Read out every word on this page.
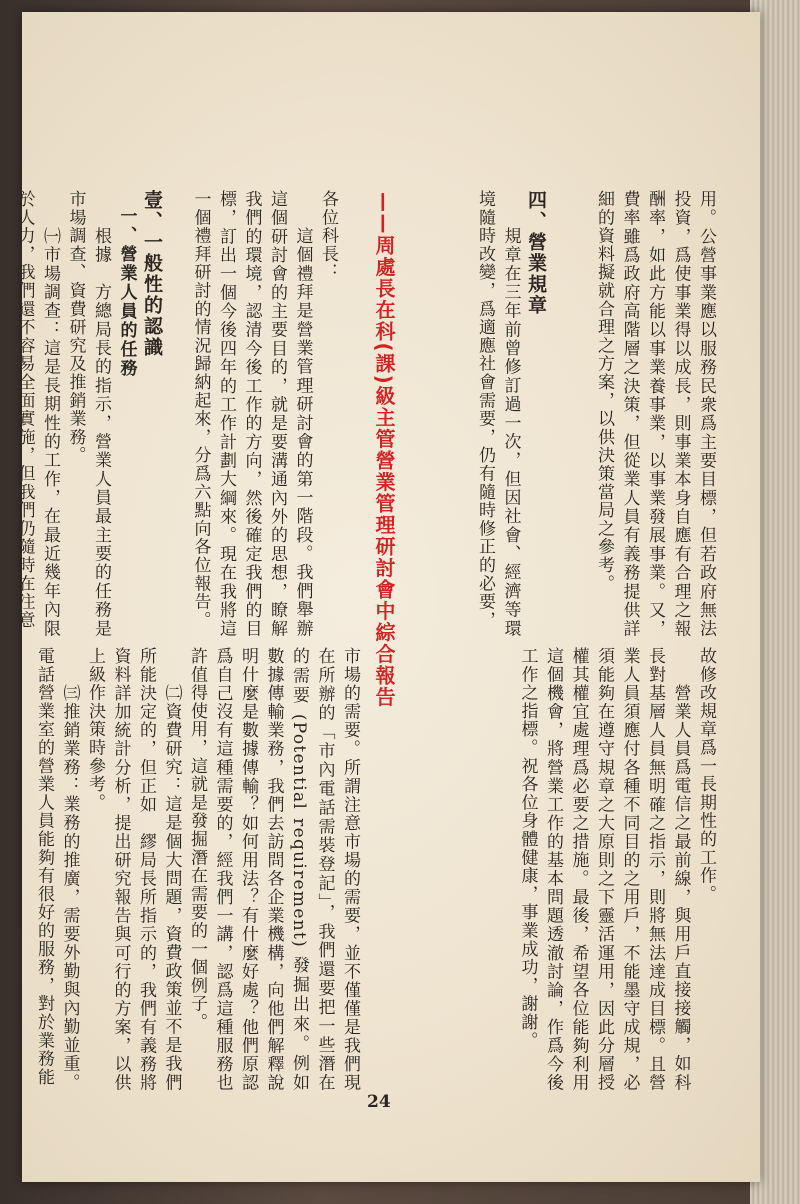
用。公營事業應以服務民衆爲主要目標，但若政府無法投資，爲使事業得以成長，則事業本身自應有合理之報酬率，如此方能以事業養事業，以事業發展事業。又，費率雖爲政府高階層之決策，但從業人員有義務提供詳細的資料擬就合理之方案，以供決策當局之參考。

四、營業規章

規章在三年前曾修訂過一次，但因社會、經濟等環境隨時改變，爲適應社會需要，仍有隨時修正的必要，

——周處長在科(課)級主管營業管理研討會中綜合報告

各位科長：

這個禮拜是營業管理研討會的第一階段。我們舉辦這個研討會的主要目的，就是要溝通內外的思想，瞭解我們的環境，認清今後工作的方向，然後確定我們的目標，訂出一個今後四年的工作計劃大綱來。現在我將這一個禮拜研討的情況歸納起來，分爲六點向各位報告。

壹、一般性的認識

一、營業人員的任務

根據　方總局長的指示，營業人員最主要的任務是市場調查、資費研究及推銷業務。

㈠市場調查：這是長期性的工作，在最近幾年內限於人力，我們還不容易全面實施，但我們仍隨時在注意

故修改規章爲一長期性的工作。

營業人員爲電信之最前線，與用戶直接接觸，如科長對基層人員無明確之指示，則將無法達成目標。且營業人員須應付各種不同目的之用戶，不能墨守成規，必須能夠在遵守規章之大原則之下靈活運用，因此分層授權其權宜處理爲必要之措施。最後，希望各位能夠利用這個機會，將營業工作的基本問題透澈討論，作爲今後工作之指標。祝各位身體健康，事業成功，謝謝。

市場的需要。所謂注意市場的需要，並不僅僅是我們現在所辦的「市內電話需裝登記」，我們還要把一些潛在的需要 (Potential requirement) 發掘出來。例如數據傳輸業務，我們去訪問各企業機構，向他們解釋說明什麼是數據傳輸？如何用法？有什麼好處？他們原認爲自己沒有這種需要的，經我們一講，認爲這種服務也許值得使用，這就是發掘潛在需要的一個例子。

㈡資費研究：這是個大問題，資費政策並不是我們所能決定的，但正如　繆局長所指示的，我們有義務將資料詳加統計分析，提出研究報告與可行的方案，以供上級作決策時參考。

㈢推銷業務：業務的推廣，需要外勤與內勤並重。電話營業室的營業人員能夠有很好的服務，對於業務能

24
